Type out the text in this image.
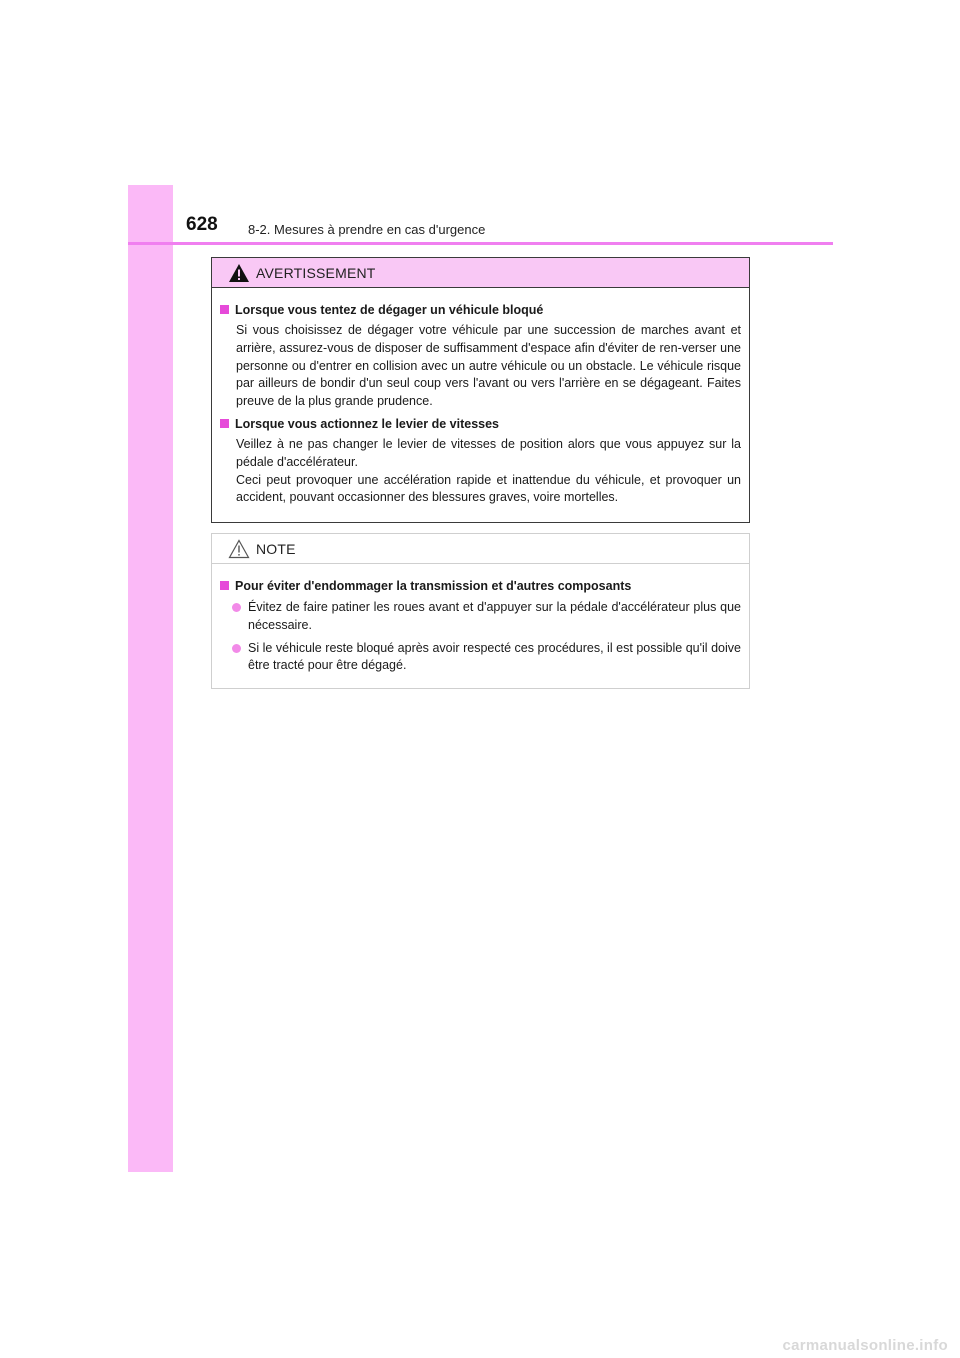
628 8-2. Mesures à prendre en cas d'urgence
AVERTISSEMENT
Lorsque vous tentez de dégager un véhicule bloqué

Si vous choisissez de dégager votre véhicule par une succession de marches avant et arrière, assurez-vous de disposer de suffisamment d'espace afin d'éviter de ren-verser une personne ou d'entrer en collision avec un autre véhicule ou un obstacle. Le véhicule risque par ailleurs de bondir d'un seul coup vers l'avant ou vers l'arrière en se dégageant. Faites preuve de la plus grande prudence.

Lorsque vous actionnez le levier de vitesses

Veillez à ne pas changer le levier de vitesses de position alors que vous appuyez sur la pédale d'accélérateur.

Ceci peut provoquer une accélération rapide et inattendue du véhicule, et provoquer un accident, pouvant occasionner des blessures graves, voire mortelles.

NOTE
Pour éviter d'endommager la transmission et d'autres composants
Évitez de faire patiner les roues avant et d'appuyer sur la pédale d'accélérateur plus que nécessaire.
Si le véhicule reste bloqué après avoir respecté ces procédures, il est possible qu'il doive être tracté pour être dégagé.
carmanualsonline.info
